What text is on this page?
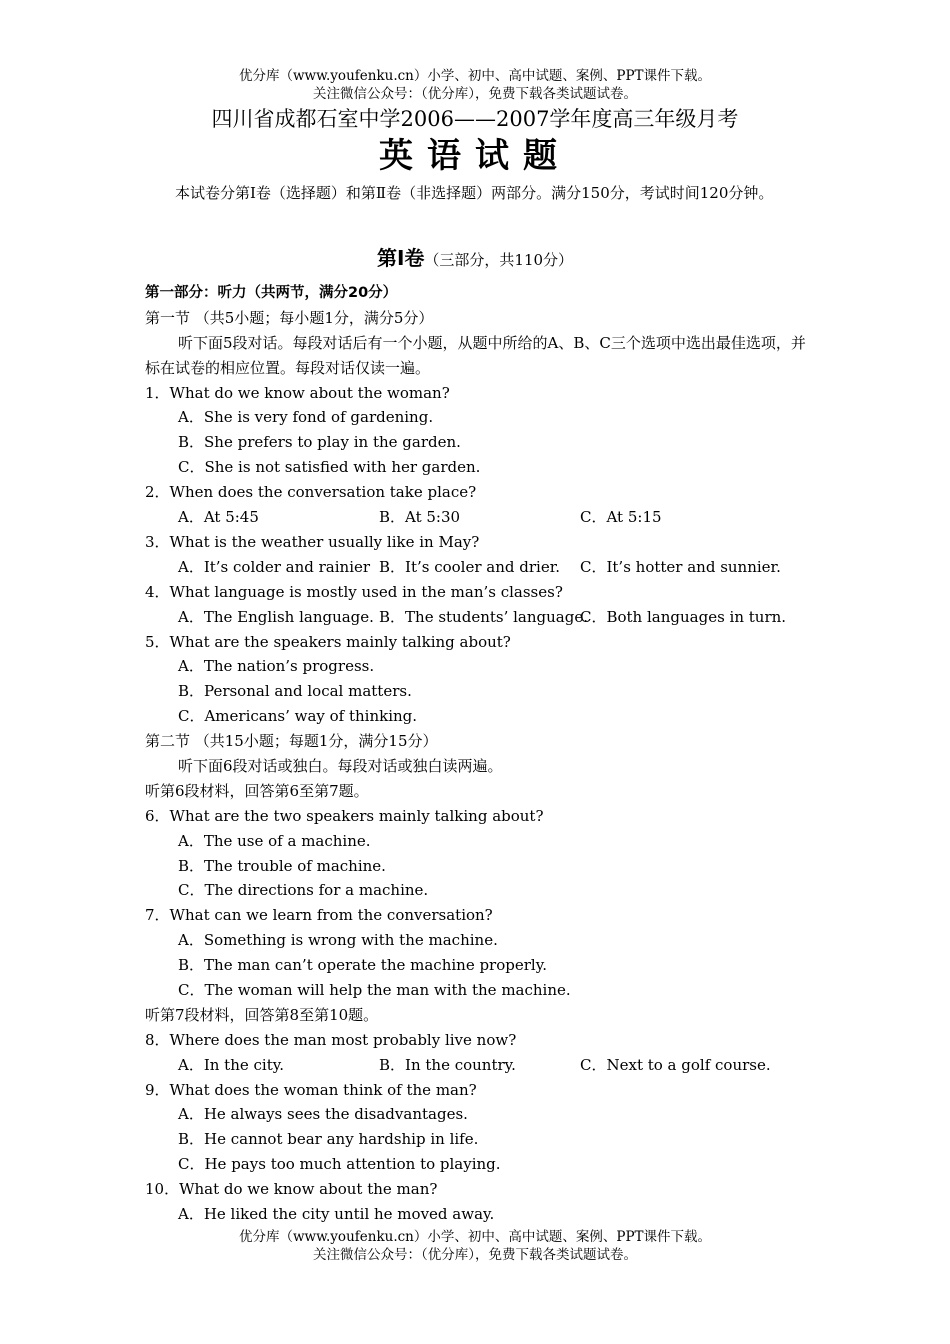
优分库（www.youfenku.cn）小学、初中、高中试题、案例、PPT课件下载。
关注微信公众号：（优分库），免费下载各类试题试卷。
四川省成都石室中学2006——2007学年度高三年级月考
英语试题
本试卷分第Ⅰ卷（选择题）和第Ⅱ卷（非选择题）两部分。满分150分，考试时间120分钟。
第Ⅰ卷（三部分，共110分）
第一部分：听力（共两节，满分20分）
第一节 （共5小题；每小题1分，满分5分）
听下面5段对话。每段对话后有一个小题，从题中所给的A、B、C三个选项中选出最佳选项，并标在试卷的相应位置。每段对话仅读一遍。
1．What do we know about the woman?
A．She is very fond of gardening.
B．She prefers to play in the garden.
C．She is not satisfied with her garden.
2．When does the conversation take place?
A．At 5:45	B．At 5:30	C．At 5:15
3．What is the weather usually like in May?
A．It’s colder and rainier B．It’s cooler and drier.	C．It’s hotter and sunnier.
4．What language is mostly used in the man’s classes?
A．The English language. B．The students’ language.
C．Both languages in turn.
5．What are the speakers mainly talking about?
A．The nation’s progress.
B．Personal and local matters.
C．Americans’ way of thinking.
第二节 （共15小题；每题1分，满分15分）
听下面6段对话或独白。每段对话或独白读两遍。
听第6段材料，回答第6至第7题。
6．What are the two speakers mainly talking about?
A．The use of a machine.
B．The trouble of machine.
C．The directions for a machine.
7．What can we learn from the conversation?
A．Something is wrong with the machine.
B．The man can’t operate the machine properly.
C．The woman will help the man with the machine.
听第7段材料，回答第8至第10题。
8．Where does the man most probably live now?
A．In the city.	B．In the country.	C．Next to a golf course.
9．What does the woman think of the man?
A．He always sees the disadvantages.
B．He cannot bear any hardship in life.
C．He pays too much attention to playing.
10．What do we know about the man?
A．He liked the city until he moved away.
优分库（www.youfenku.cn）小学、初中、高中试题、案例、PPT课件下载。
关注微信公众号：（优分库），免费下载各类试题试卷。
